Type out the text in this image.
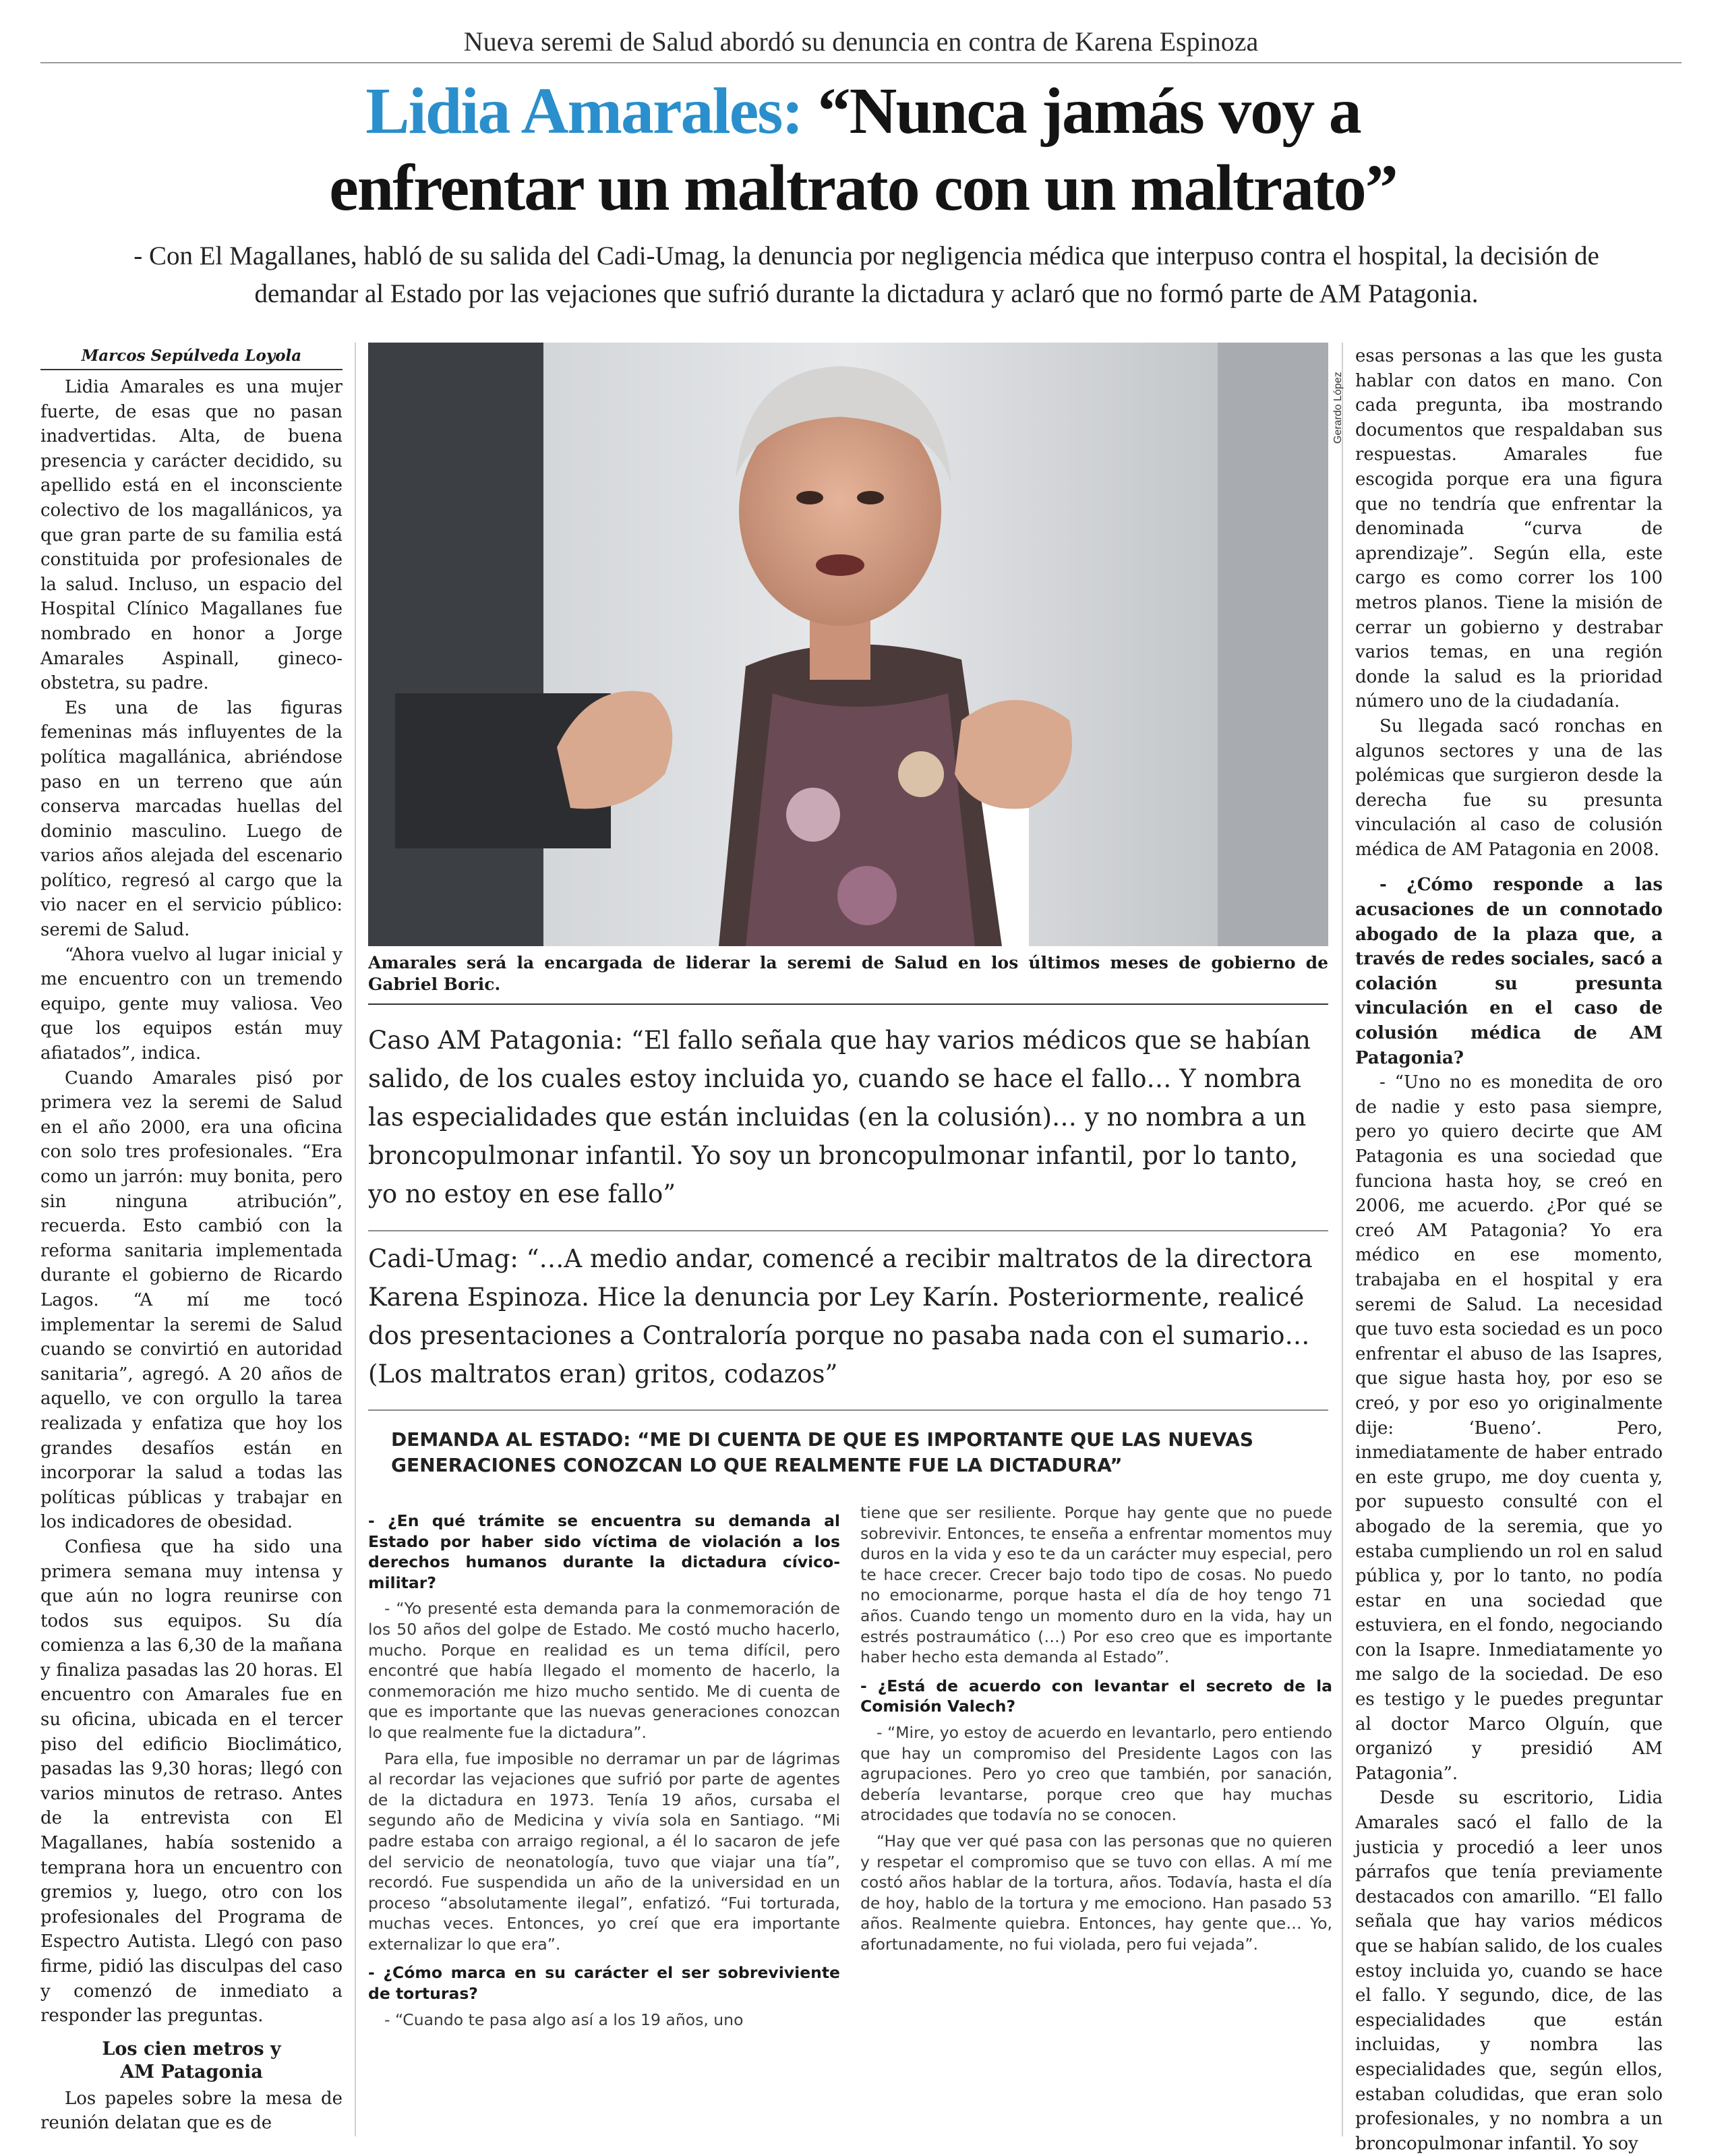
Nueva seremi de Salud abordó su denuncia en contra de Karena Espinoza
Lidia Amarales: “Nunca jamás voy a
enfrentar un maltrato con un maltrato”
- Con El Magallanes, habló de su salida del Cadi-Umag, la denuncia por negligencia médica que interpuso contra el hospital, la decisión de demandar al Estado por las vejaciones que sufrió durante la dictadura y aclaró que no formó parte de AM Patagonia.
Marcos Sepúlveda Loyola

Lidia Amarales es una mujer fuerte, de esas que no pasan inadvertidas. Alta, de buena presencia y carácter decidido, su apellido está en el inconsciente colectivo de los magallánicos, ya que gran parte de su familia está constituida por profesionales de la salud. Incluso, un espacio del Hospital Clínico Magallanes fue nombrado en honor a Jorge Amarales Aspinall, gineco-obstetra, su padre.

Es una de las figuras femeninas más influyentes de la política magallánica, abriéndose paso en un terreno que aún conserva marcadas huellas del dominio masculino. Luego de varios años alejada del escenario político, regresó al cargo que la vio nacer en el servicio público: seremi de Salud.

“Ahora vuelvo al lugar inicial y me encuentro con un tremendo equipo, gente muy valiosa. Veo que los equipos están muy afiatados”, indica.

Cuando Amarales pisó por primera vez la seremi de Salud en el año 2000, era una oficina con solo tres profesionales. “Era como un jarrón: muy bonita, pero sin ninguna atribución”, recuerda. Esto cambió con la reforma sanitaria implementada durante el gobierno de Ricardo Lagos. “A mí me tocó implementar la seremi de Salud cuando se convirtió en autoridad sanitaria”, agregó. A 20 años de aquello, ve con orgullo la tarea realizada y enfatiza que hoy los grandes desafíos están en incorporar la salud a todas las políticas públicas y trabajar en los indicadores de obesidad.

Confiesa que ha sido una primera semana muy intensa y que aún no logra reunirse con todos sus equipos. Su día comienza a las 6,30 de la mañana y finaliza pasadas las 20 horas. El encuentro con Amarales fue en su oficina, ubicada en el tercer piso del edificio Bioclimático, pasadas las 9,30 horas; llegó con varios minutos de retraso. Antes de la entrevista con El Magallanes, había sostenido a temprana hora un encuentro con gremios y, luego, otro con los profesionales del Programa de Espectro Autista. Llegó con paso firme, pidió las disculpas del caso y comenzó de inmediato a responder las preguntas.

Los cien metros y
AM Patagonia

Los papeles sobre la mesa de reunión delatan que es de

Gerardo López
Amarales será la encargada de liderar la seremi de Salud en los últimos meses de gobierno de Gabriel Boric.
Caso AM Patagonia: “El fallo señala que hay varios médicos que se habían salido, de los cuales estoy incluida yo, cuando se hace el fallo… Y nombra las especialidades que están incluidas (en la colusión)… y no nombra a un broncopulmonar infantil. Yo soy un broncopulmonar infantil, por lo tanto, yo no estoy en ese fallo”
Cadi-Umag: “…A medio andar, comencé a recibir maltratos de la directora Karena Espinoza. Hice la denuncia por Ley Karín. Posteriormente, realicé dos presentaciones a Contraloría porque no pasaba nada con el sumario… (Los maltratos eran) gritos, codazos”
DEMANDA AL ESTADO: “ME DI CUENTA DE QUE ES IMPORTANTE QUE LAS NUEVAS GENERACIONES CONOZCAN LO QUE REALMENTE FUE LA DICTADURA”

- ¿En qué trámite se encuentra su demanda al Estado por haber sido víctima de violación a los derechos humanos durante la dictadura cívico-militar?

- “Yo presenté esta demanda para la conmemoración de los 50 años del golpe de Estado. Me costó mucho hacerlo, mucho. Porque en realidad es un tema difícil, pero encontré que había llegado el momento de hacerlo, la conmemoración me hizo mucho sentido. Me di cuenta de que es importante que las nuevas generaciones conozcan lo que realmente fue la dictadura”.

Para ella, fue imposible no derramar un par de lágrimas al recordar las vejaciones que sufrió por parte de agentes de la dictadura en 1973. Tenía 19 años, cursaba el segundo año de Medicina y vivía sola en Santiago. “Mi padre estaba con arraigo regional, a él lo sacaron de jefe del servicio de neonatología, tuvo que viajar una tía”, recordó. Fue suspendida un año de la universidad en un proceso “absolutamente ilegal”, enfatizó. “Fui torturada, muchas veces. Entonces, yo creí que era importante externalizar lo que era”.

- ¿Cómo marca en su carácter el ser sobreviviente de torturas?

- “Cuando te pasa algo así a los 19 años, uno

tiene que ser resiliente. Porque hay gente que no puede sobrevivir. Entonces, te enseña a enfrentar momentos muy duros en la vida y eso te da un carácter muy especial, pero te hace crecer. Crecer bajo todo tipo de cosas. No puedo no emocionarme, porque hasta el día de hoy tengo 71 años. Cuando tengo un momento duro en la vida, hay un estrés postraumático (…) Por eso creo que es importante haber hecho esta demanda al Estado”.

- ¿Está de acuerdo con levantar el secreto de la Comisión Valech?

- “Mire, yo estoy de acuerdo en levantarlo, pero entiendo que hay un compromiso del Presidente Lagos con las agrupaciones. Pero yo creo que también, por sanación, debería levantarse, porque creo que hay muchas atrocidades que todavía no se conocen.

“Hay que ver qué pasa con las personas que no quieren y respetar el compromiso que se tuvo con ellas. A mí me costó años hablar de la tortura, años. Todavía, hasta el día de hoy, hablo de la tortura y me emociono. Han pasado 53 años. Realmente quiebra. Entonces, hay gente que… Yo, afortunadamente, no fui violada, pero fui vejada”.

esas personas a las que les gusta hablar con datos en mano. Con cada pregunta, iba mostrando documentos que respaldaban sus respuestas. Amarales fue escogida porque era una figura que no tendría que enfrentar la denominada “curva de aprendizaje”. Según ella, este cargo es como correr los 100 metros planos. Tiene la misión de cerrar un gobierno y destrabar varios temas, en una región donde la salud es la prioridad número uno de la ciudadanía.

Su llegada sacó ronchas en algunos sectores y una de las polémicas que surgieron desde la derecha fue su presunta vinculación al caso de colusión médica de AM Patagonia en 2008.

- ¿Cómo responde a las acusaciones de un connotado abogado de la plaza que, a través de redes sociales, sacó a colación su presunta vinculación en el caso de colusión médica de AM Patagonia?

- “Uno no es monedita de oro de nadie y esto pasa siempre, pero yo quiero decirte que AM Patagonia es una sociedad que funciona hasta hoy, se creó en 2006, me acuerdo. ¿Por qué se creó AM Patagonia? Yo era médico en ese momento, trabajaba en el hospital y era seremi de Salud. La necesidad que tuvo esta sociedad es un poco enfrentar el abuso de las Isapres, que sigue hasta hoy, por eso se creó, y por eso yo originalmente dije: ‘Bueno’. Pero, inmediatamente de haber entrado en este grupo, me doy cuenta y, por supuesto consulté con el abogado de la seremia, que yo estaba cumpliendo un rol en salud pública y, por lo tanto, no podía estar en una sociedad que estuviera, en el fondo, negociando con la Isapre. Inmediatamente yo me salgo de la sociedad. De eso es testigo y le puedes preguntar al doctor Marco Olguín, que organizó y presidió AM Patagonia”.

Desde su escritorio, Lidia Amarales sacó el fallo de la justicia y procedió a leer unos párrafos que tenía previamente destacados con amarillo. “El fallo señala que hay varios médicos que se habían salido, de los cuales estoy incluida yo, cuando se hace el fallo. Y segundo, dice, de las especialidades que están incluidas, y nombra las especialidades que, según ellos, estaban coludidas, que eran solo profesionales, y no nombra a un broncopulmonar infantil. Yo soy
